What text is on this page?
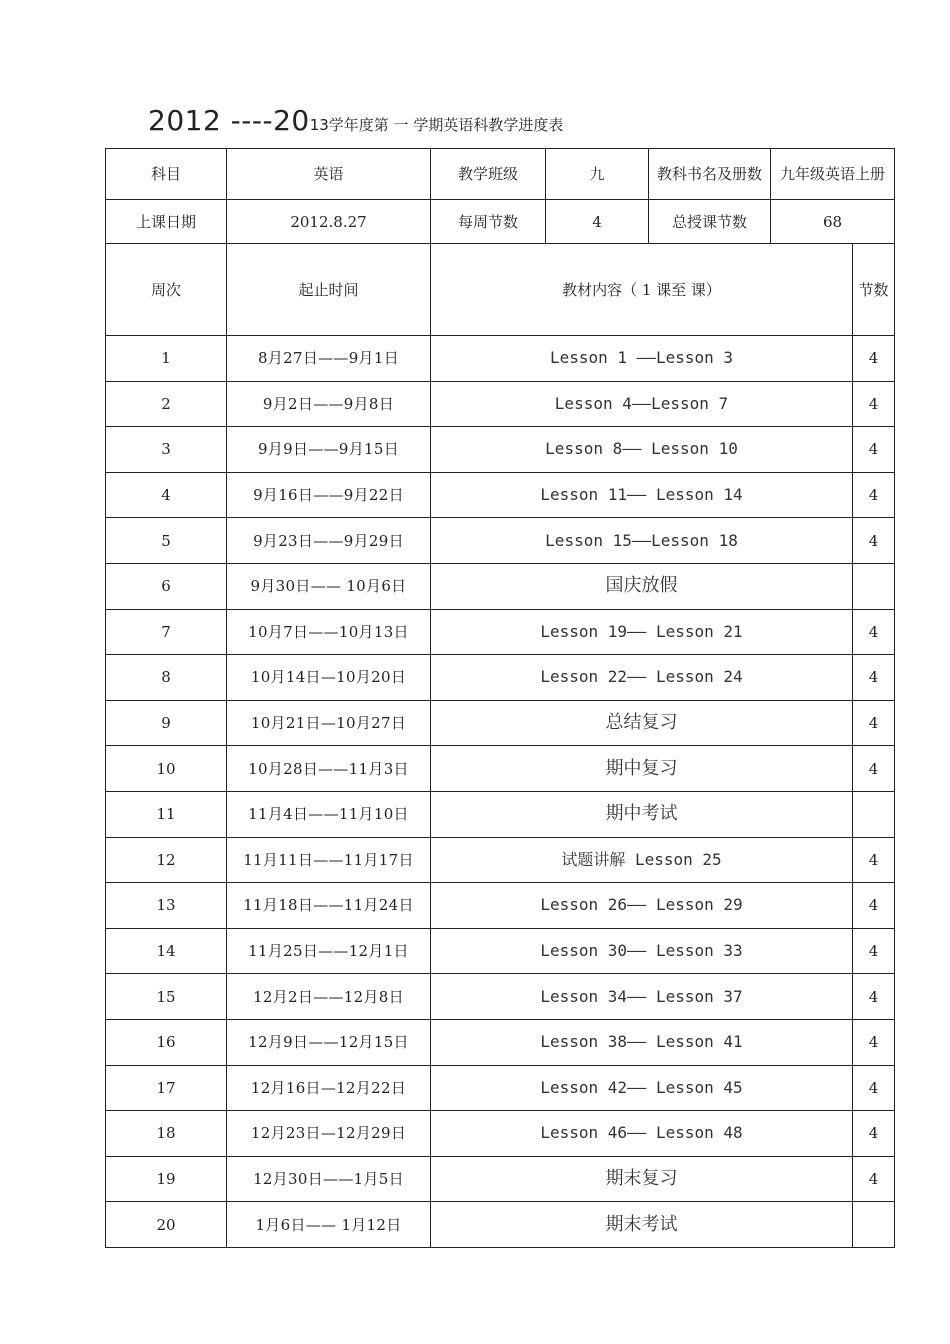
2012 ----20 13学年度第 一 学期英语科教学进度表
科目	英语	教学班级	九	教科书名及册数	九年级英语上册	
上课日期	2012.8.27	每周节数	4	总授课节数	68	
周次	起止时间	教材内容（ 1 课至 课）				节数
1	8月27日——9月1日	Lesson 1 ——Lesson 3				4
2	9月2日——9月8日	Lesson 4——Lesson 7				4
3	9月9日——9月15日	Lesson 8—— Lesson 10				4
4	9月16日——9月22日	Lesson 11—— Lesson 14				4
5	9月23日——9月29日	Lesson 15——Lesson 18				4
6	9月30日—— 10月6日	国庆放假				
7	10月7日——10月13日	Lesson 19—— Lesson 21				4
8	10月14日—10月20日	Lesson 22—— Lesson 24				4
9	10月21日—10月27日	总结复习				4
10	10月28日——11月3日	期中复习				4
11	11月4日——11月10日	期中考试				
12	11月11日——11月17日	试题讲解 Lesson 25				4
13	11月18日——11月24日	Lesson 26—— Lesson 29				4
14	11月25日——12月1日	Lesson 30—— Lesson 33				4
15	12月2日——12月8日	Lesson 34—— Lesson 37				4
16	12月9日——12月15日	Lesson 38—— Lesson 41				4
17	12月16日—12月22日	Lesson 42—— Lesson 45				4
18	12月23日—12月29日	Lesson 46—— Lesson 48				4
19	12月30日——1月5日	期末复习				4
20	1月6日—— 1月12日	期末考试				
